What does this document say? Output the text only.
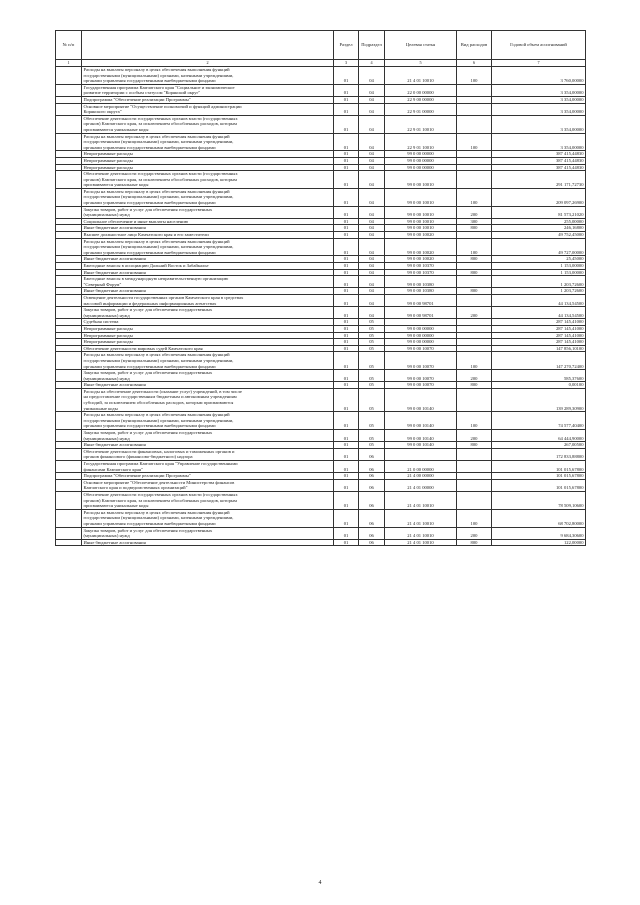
№ п/п		Раздел	Подраздел	Целевая статья	Вид расходов	Годовой объем ассигнований
1	2	3	4	5	6	7

	Расходы на выплаты персоналу в целях обеспечения выполнения функций
государственными (муниципальными) органами, казенными учреждениями,
органами управления государственными внебюджетными фондами	01	04	21 4 01 10010	100	3 760,00000

	Государственная программа Камчатского края "Социальное и экономическое
развитие территории с особым статусом "Корякский округ"	01	04	22 0 00 00000		3 354,00000

	Подпрограмма "Обеспечение реализации Программы"	01	04	22 9 00 00000		3 354,00000

	Основное мероприятие "Осуществление полномочий и функций администрации
Корякского округа"	01	04	22 9 01 00000		3 354,00000

	Обеспечение деятельности государственных органов власти (государственных
органов) Камчатского края, за исключением обособленных расходов, которым
присваиваются уникальные коды	01	04	22 9 01 10010		3 354,00000

	Расходы на выплаты персоналу в целях обеспечения выполнения функций
государственными (муниципальными) органами, казенными учреждениями,
органами управления государственными внебюджетными фондами	01	04	22 9 01 10010	100	3 354,00000

	Непрограммные расходы	01	04	99 0 00 00000		387 415,44830

	Непрограммные расходы	01	04	99 0 00 00000		387 415,44830

	Непрограммные расходы	01	04	99 0 00 00000		387 415,44830

	Обеспечение деятельности государственных органов власти (государственных
органов) Камчатского края, за исключением обособленных расходов, которым
присваиваются уникальные коды	01	04	99 0 00 10010		291 171,72730

	Расходы на выплаты персоналу в целях обеспечения выполнения функций
государственными (муниципальными) органами, казенными учреждениями,
органами управления государственными внебюджетными фондами	01	04	99 0 00 10010	100	209 097,26900

	Закупка товаров, работ и услуг для обеспечения государственных
(муниципальных) нужд	01	04	99 0 00 10010	200	81 573,21020

	Социальное обеспечение и иные выплаты населению	01	04	99 0 00 10010	300	255,00000

	Иные бюджетные ассигнования	01	04	99 0 00 10010	800	246,16800

	Высшее должностное лицо Камчатского края и его заместители	01	04	99 0 00 10020		49 752,45000

	Расходы на выплаты персоналу в целях обеспечения выполнения функций
государственными (муниципальными) органами, казенными учреждениями,
органами управления государственными внебюджетными фондами	01	04	99 0 00 10020	100	49 727,00000

	Иные бюджетные ассигнования	01	04	99 0 00 10020	800	25,45000

	Ежегодные взносы в ассоциацию Дальний Восток и Забайкалье	01	04	99 0 00 10370		1 153,00000

	Иные бюджетные ассигнования	01	04	99 0 00 10370	800	1 153,00000

	Ежегодные взносы в международную неправительственную организацию
"Северный Форум"	01	04	99 0 00 10380		1 203,72600

	Иные бюджетные ассигнования	01	04	99 0 00 10380	800	1 203,72600

	Освещение деятельности государственных органов Камчатского края в средствах
массовой информации и федеральных информационных агентствах	01	04	99 0 00 98701		44 134,54500

	Закупка товаров, работ и услуг для обеспечения государственных
(муниципальных) нужд	01	04	99 0 00 98701	200	44 134,54500

	Судебная система	01	05			287 145,41000

	Непрограммные расходы	01	05	99 0 00 00000		287 145,41000

	Непрограммные расходы	01	05	99 0 00 00000		287 145,41000

	Непрограммные расходы	01	05	99 0 00 00000		287 145,41000

	Обеспечение деятельности мировых судей Камчатского края	01	05	99 0 00 10070		147 856,10100

	Расходы на выплаты персоналу в целях обеспечения выполнения функций
государственными (муниципальными) органами, казенными учреждениями,
органами управления государственными внебюджетными фондами	01	05	99 0 00 10070	100	147 270,72400

	Закупка товаров, работ и услуг для обеспечения государственных
(муниципальных) нужд	01	05	99 0 00 10070	200	585,37600

	Иные бюджетные ассигнования	01	05	99 0 00 10070	800	0,00100

	Расходы на обеспечение деятельности (оказание услуг) учреждений, в том числе
на предоставление государственным бюджетным и автономным учреждениям
субсидий, за исключением обособленных расходов, которым присваиваются
уникальные коды	01	05	99 0 00 10140		139 289,30900

	Расходы на выплаты персоналу в целях обеспечения выполнения функций
государственными (муниципальными) органами, казенными учреждениями,
органами управления государственными внебюджетными фондами	01	05	99 0 00 10140	100	74 577,40400

	Закупка товаров, работ и услуг для обеспечения государственных
(муниципальных) нужд	01	05	99 0 00 10140	200	64 444,90000

	Иные бюджетные ассигнования	01	05	99 0 00 10140	800	267,00500

	Обеспечение деятельности финансовых, налоговых и таможенных органов и
органов финансового (финансово-бюджетного) надзора	01	06			172 833,88800

	Государственная программа Камчатского края "Управление государственными
финансами Камчатского края"	01	06	21 0 00 00000		101 015,67800

	Подпрограмма "Обеспечение реализации Программы"	01	06	21 4 00 00000		101 015,67800

	Основное мероприятие "Обеспечение деятельности Министерства финансов
Камчатского края и подведомственных организаций"	01	06	21 4 01 00000		101 015,67800

	Обеспечение деятельности государственных органов власти (государственных
органов) Камчатского края, за исключением обособленных расходов, которым
присваиваются уникальные коды	01	06	21 4 01 10010		78 509,10600

	Расходы на выплаты персоналу в целях обеспечения выполнения функций
государственными (муниципальными) органами, казенными учреждениями,
органами управления государственными внебюджетными фондами	01	06	21 4 01 10010	100	68 702,80000

	Закупка товаров, работ и услуг для обеспечения государственных
(муниципальных) нужд	01	06	21 4 01 10010	200	9 684,30600

	Иные бюджетные ассигнования	01	06	21 4 01 10010	800	122,00000
4
